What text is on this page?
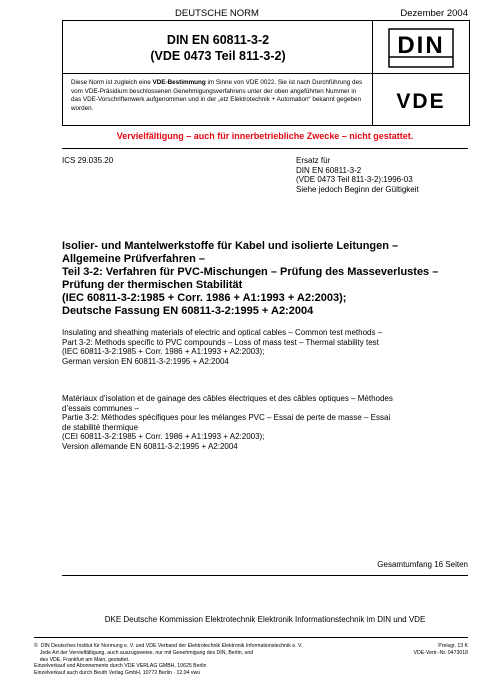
DEUTSCHE NORM	Dezember 2004
DIN EN 60811-3-2
(VDE 0473 Teil 811-3-2)	DIN

Diese Norm ist zugleich eine VDE-Bestimmung im Sinne von VDE 0022. Sie ist nach Durchführung des vom VDE-Präsidium beschlossenen Genehmigungsverfahrens unter der oben angeführten Nummer in das VDE-Vorschriftenwerk aufgenommen und in der „etz Elektrotechnik + Automation“ bekannt gegeben worden.	VDE
Vervielfältigung – auch für innerbetriebliche Zwecke – nicht gestattet.
ICS 29.035.20	Ersatz für
DIN EN 60811-3-2
(VDE 0473 Teil 811-3-2):1996-03
Siehe jedoch Beginn der Gültigkeit
Isolier- und Mantelwerkstoffe für Kabel und isolierte Leitungen –
Allgemeine Prüfverfahren –
Teil 3-2: Verfahren für PVC-Mischungen – Prüfung des Masseverlustes –
Prüfung der thermischen Stabilität
(IEC 60811-3-2:1985 + Corr. 1986 + A1:1993 + A2:2003);
Deutsche Fassung EN 60811-3-2:1995 + A2:2004
Insulating and sheathing materials of electric and optical cables – Common test methods –
Part 3-2: Methods specific to PVC compounds – Loss of mass test – Thermal stability test
(IEC 60811-3-2:1985 + Corr. 1986 + A1:1993 + A2:2003);
German version EN 60811-3-2:1995 + A2:2004
Matériaux d’isolation et de gainage des câbles électriques et des câbles optiques – Méthodes
d’essais communes –
Partie 3-2: Méthodes spécifiques pour les mélanges PVC – Essai de perte de masse – Essai
de stabilité thermique
(CEI 60811-3-2:1985 + Corr. 1986 + A1:1993 + A2:2003);
Version allemande EN 60811-3-2:1995 + A2:2004
Gesamtumfang 16 Seiten
DKE Deutsche Kommission Elektrotechnik Elektronik Informationstechnik im DIN und VDE
©  DIN Deutsches Institut für Normung e. V. und VDE Verband der Elektrotechnik Elektronik Informationstechnik e. V.
Jede Art der Vervielfältigung, auch auszugsweise, nur mit Genehmigung des DIN, Berlin, und
des VDE, Frankfurt am Main, gestattet.
Einzelverkauf und Abonnements durch VDE VERLAG GMBH, 10625 Berlin
Einzelverkauf auch durch Beuth Verlag GmbH, 10772 Berlin · 12.04 vwu
Preisgr. 13 K
VDE-Vertr.-Nr. 0473018
